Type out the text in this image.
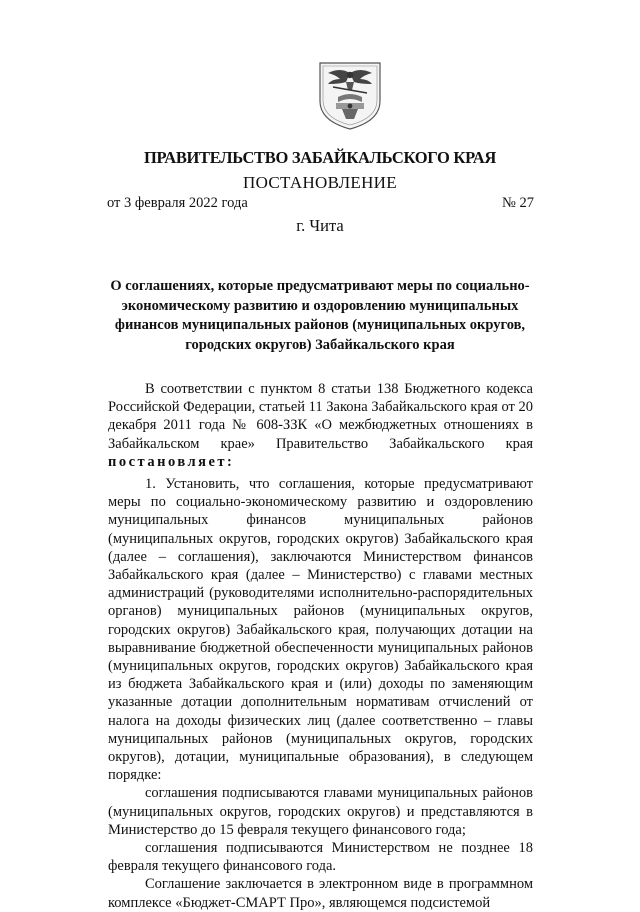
ПРАВИТЕЛЬСТВО ЗАБАЙКАЛЬСКОГО КРАЯ
ПОСТАНОВЛЕНИЕ
от 3 февраля 2022 года	№ 27
г. Чита
О соглашениях, которые предусматривают меры по социально-экономическому развитию и оздоровлению муниципальных финансов муниципальных районов (муниципальных округов, городских округов) Забайкальского края

В соответствии с пунктом 8 статьи 138 Бюджетного кодекса Российской Федерации, статьей 11 Закона Забайкальского края от 20 декабря 2011 года № 608-ЗЗК «О межбюджетных отношениях в Забайкальском крае» Правительство Забайкальского края постановляет:

1. Установить, что соглашения, которые предусматривают меры по социально-экономическому развитию и оздоровлению муниципальных финансов муниципальных районов (муниципальных округов, городских округов) Забайкальского края (далее – соглашения), заключаются Министерством финансов Забайкальского края (далее – Министерство) с главами местных администраций (руководителями исполнительно-распорядительных органов) муниципальных районов (муниципальных округов, городских округов) Забайкальского края, получающих дотации на выравнивание бюджетной обеспеченности муниципальных районов (муниципальных округов, городских округов) Забайкальского края из бюджета Забайкальского края и (или) доходы по заменяющим указанные дотации дополнительным нормативам отчислений от налога на доходы физических лиц (далее соответственно – главы муниципальных районов (муниципальных округов, городских округов), дотации, муниципальные образования), в следующем порядке:

соглашения подписываются главами муниципальных районов (муниципальных округов, городских округов) и представляются в Министерство до 15 февраля текущего финансового года;

соглашения подписываются Министерством не позднее 18 февраля текущего финансового года.

Соглашение заключается в электронном виде в программном комплексе «Бюджет-СМАРТ Про», являющемся подсистемой
